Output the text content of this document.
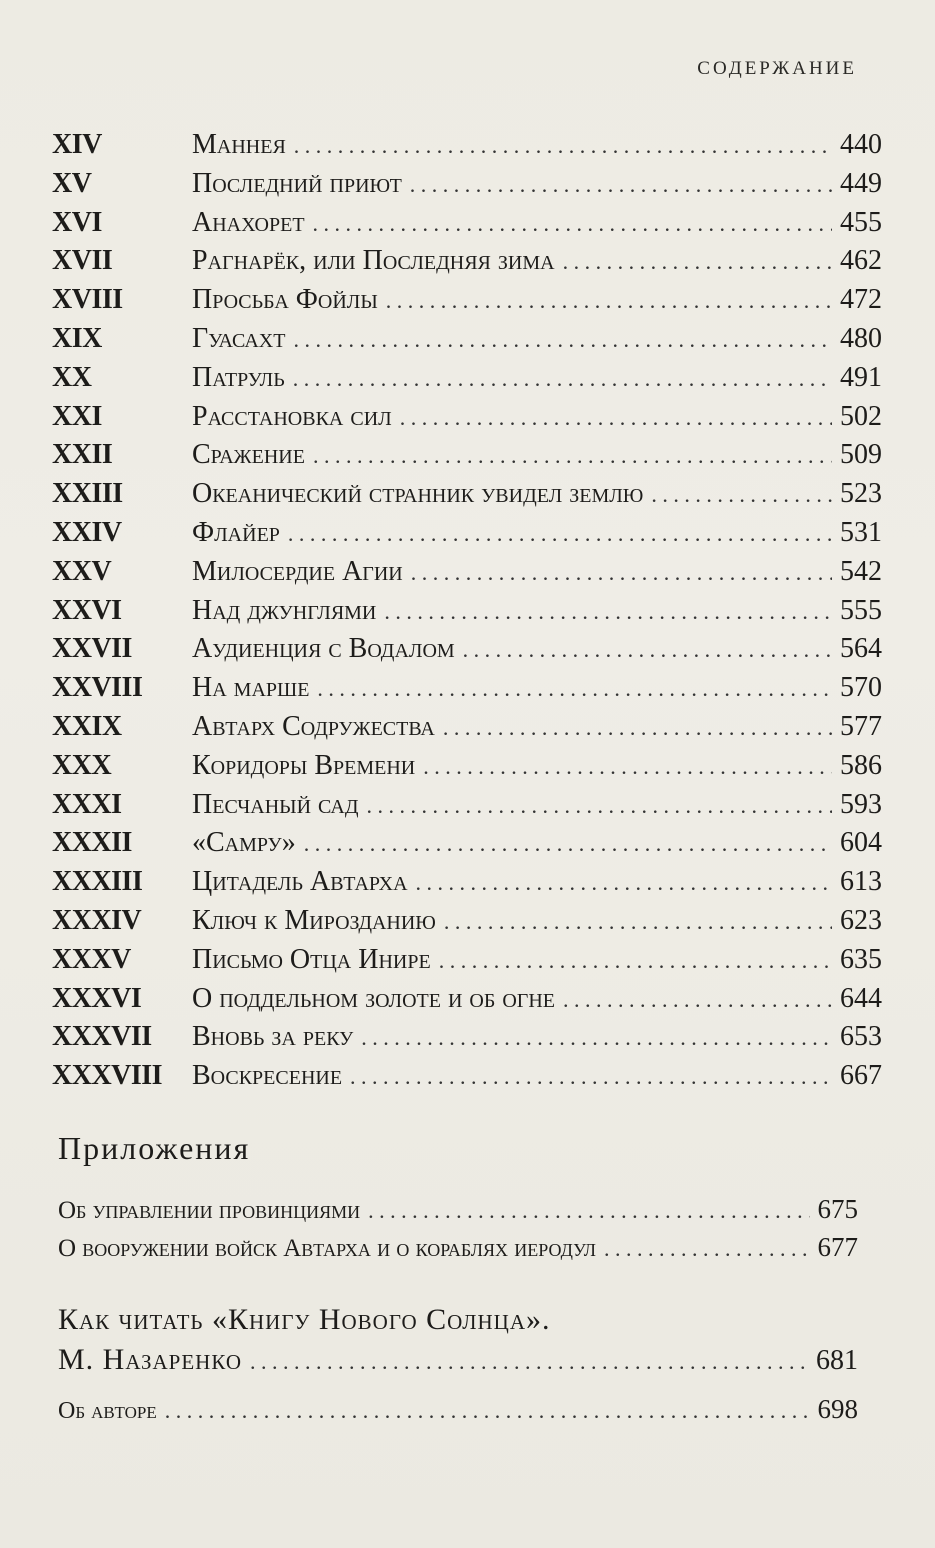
СОДЕРЖАНИЕ
XIV	Маннея . . .	440
XV	Последний приют . . .	449
XVI	Анахорет . . .	455
XVII	Рагнарёк, или Последняя зима . . .	462
XVIII	Просьба Фойлы . . .	472
XIX	Гуасахт . . .	480
XX	Патруль . . .	491
XXI	Расстановка сил . . .	502
XXII	Сражение . . .	509
XXIII	Океанический странник увидел землю . . .	523
XXIV	Флайер . . .	531
XXV	Милосердие Агии . . .	542
XXVI	Над джунглями . . .	555
XXVII	Аудиенция с Водалом . . .	564
XXVIII	На марше . . .	570
XXIX	Автарх Содружества . . .	577
XXX	Коридоры Времени . . .	586
XXXI	Песчаный сад . . .	593
XXXII	«Самру» . . .	604
XXXIII	Цитадель Автарха . . .	613
XXXIV	Ключ к Мирозданию . . .	623
XXXV	Письмо Отца Инире . . .	635
XXXVI	О поддельном золоте и об огне . . .	644
XXXVII	Вновь за реку . . .	653
XXXVIII	Воскресение . . .	667
Приложения
Об управлении провинциями . . .	675
О вооружении войск Автарха и о кораблях иеродул . . .	677
Как читать «Книгу Нового Солнца».
М. Назаренко . . .	681
Об авторе . . .	698
